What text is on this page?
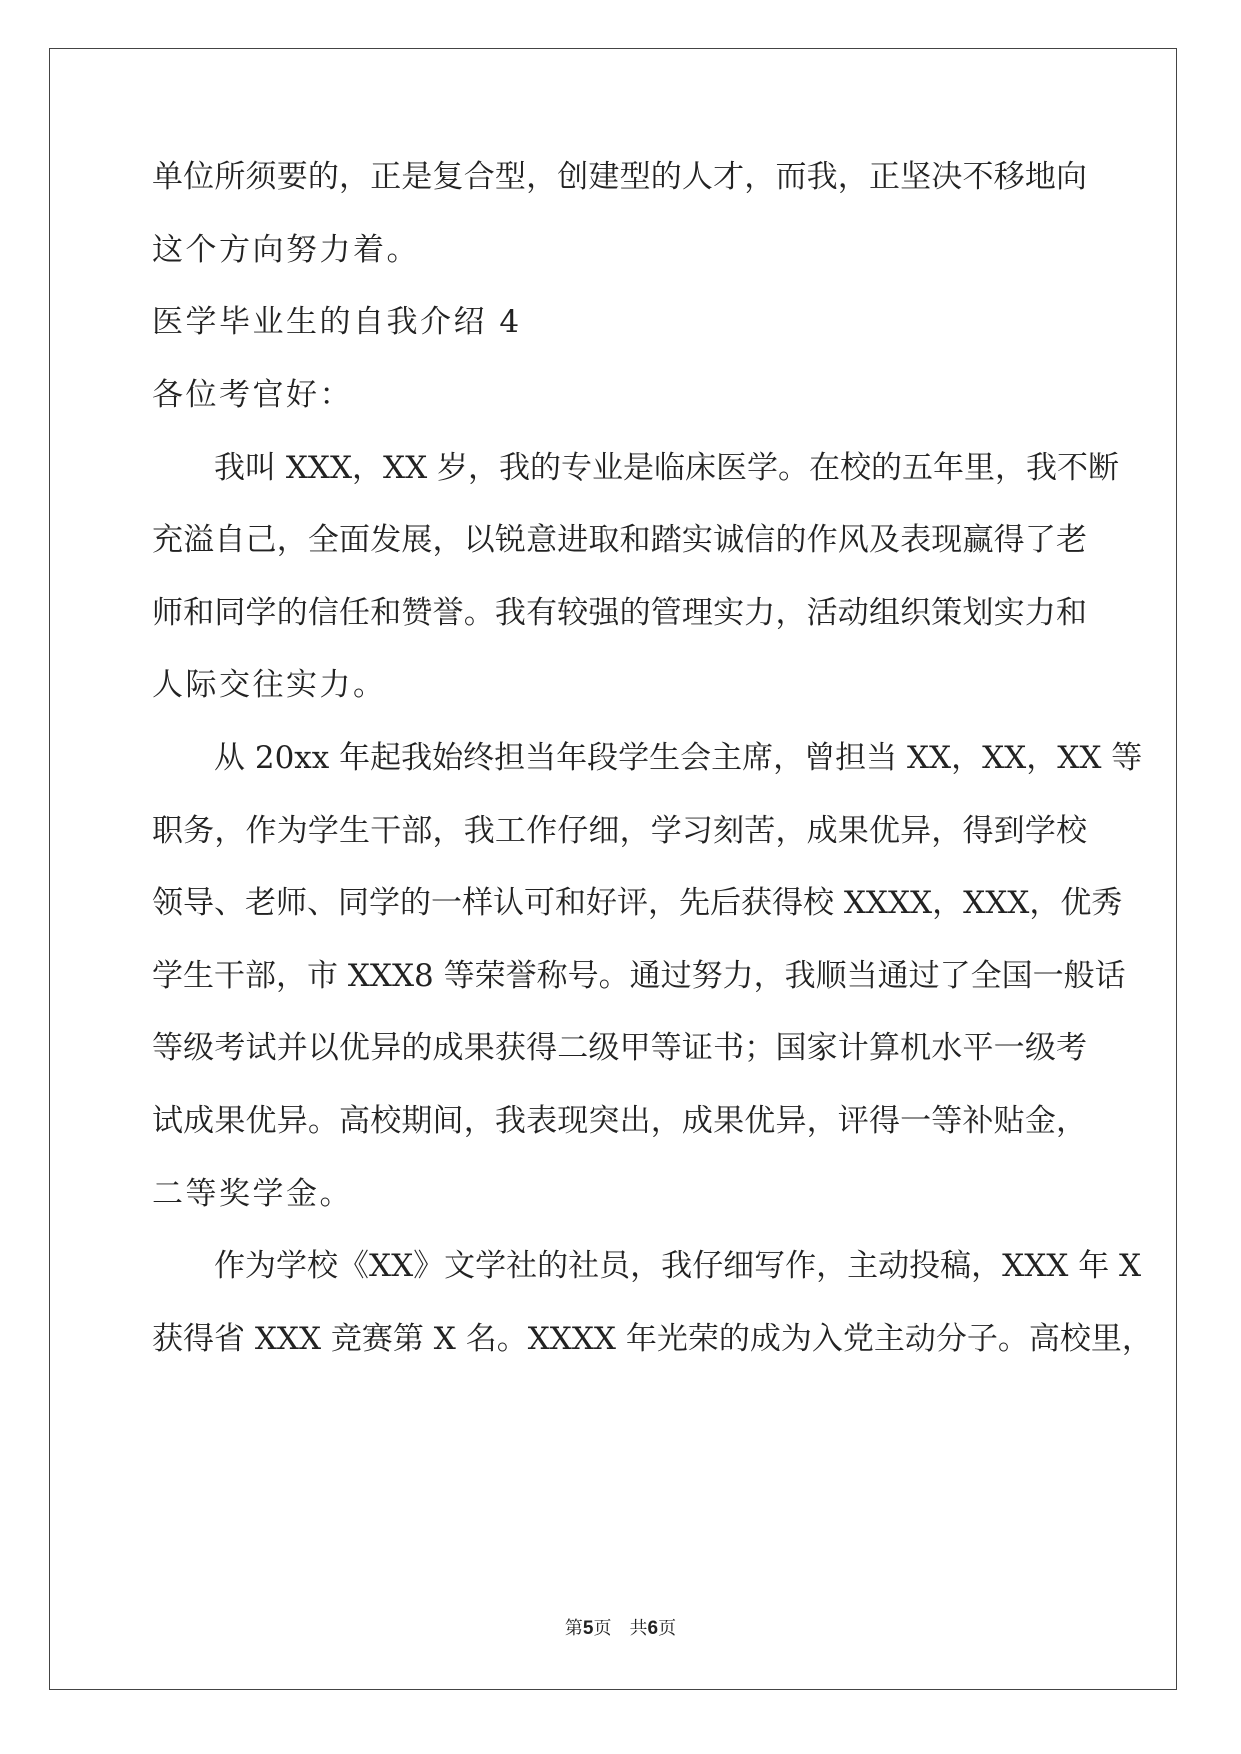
单位所须要的，正是复合型，创建型的人才，而我，正坚决不移地向
这个方向努力着。
医学毕业生的自我介绍 4
各位考官好：
我叫 XXX，XX 岁，我的专业是临床医学。在校的五年里，我不断
充溢自己，全面发展，以锐意进取和踏实诚信的作风及表现赢得了老
师和同学的信任和赞誉。我有较强的管理实力，活动组织策划实力和
人际交往实力。
从 20xx 年起我始终担当年段学生会主席，曾担当 XX，XX，XX 等
职务，作为学生干部，我工作仔细，学习刻苦，成果优异，得到学校
领导、老师、同学的一样认可和好评，先后获得校 XXXX，XXX，优秀
学生干部，市 XXX8 等荣誉称号。通过努力，我顺当通过了全国一般话
等级考试并以优异的成果获得二级甲等证书；国家计算机水平一级考
试成果优异。高校期间，我表现突出，成果优异，评得一等补贴金，
二等奖学金。
作为学校《XX》文学社的社员，我仔细写作，主动投稿，XXX 年 X
获得省 XXX 竞赛第 X 名。XXXX 年光荣的成为入党主动分子。高校里，
第5页　共6页
